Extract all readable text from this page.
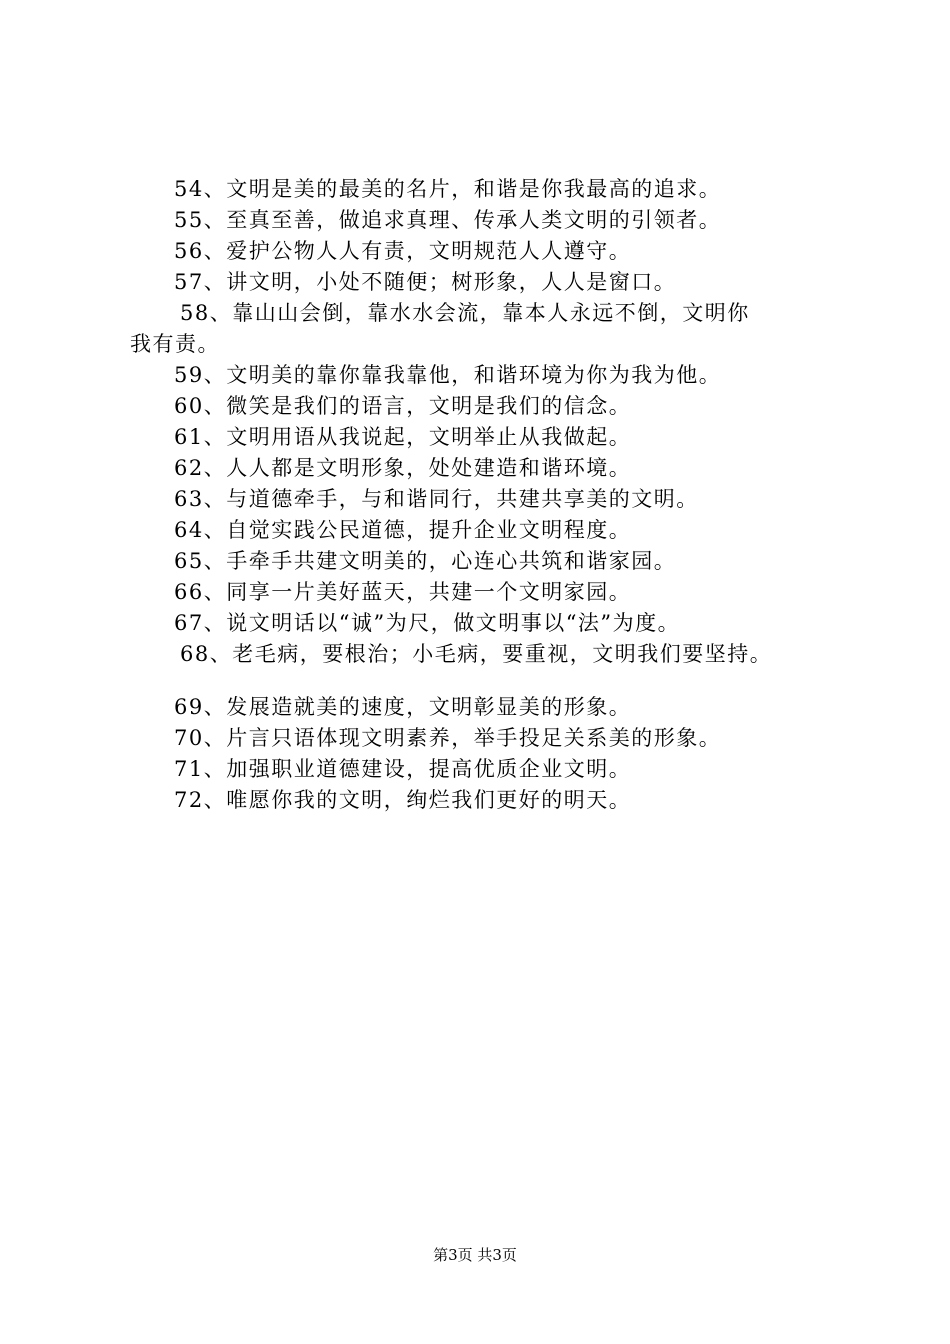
54、文明是美的最美的名片，和谐是你我最高的追求。
55、至真至善，做追求真理、传承人类文明的引领者。
56、爱护公物人人有责，文明规范人人遵守。
57、讲文明，小处不随便；树形象，人人是窗口。
58、靠山山会倒，靠水水会流，靠本人永远不倒，文明你
我有责。
59、文明美的靠你靠我靠他，和谐环境为你为我为他。
60、微笑是我们的语言，文明是我们的信念。
61、文明用语从我说起，文明举止从我做起。
62、人人都是文明形象，处处建造和谐环境。
63、与道德牵手，与和谐同行，共建共享美的文明。
64、自觉实践公民道德，提升企业文明程度。
65、手牵手共建文明美的，心连心共筑和谐家园。
66、同享一片美好蓝天，共建一个文明家园。
67、说文明话以“诚”为尺，做文明事以“法”为度。
68、老毛病，要根治；小毛病，要重视，文明我们要坚持。
69、发展造就美的速度，文明彰显美的形象。
70、片言只语体现文明素养，举手投足关系美的形象。
71、加强职业道德建设，提高优质企业文明。
72、唯愿你我的文明，绚烂我们更好的明天。
第3页 共3页
